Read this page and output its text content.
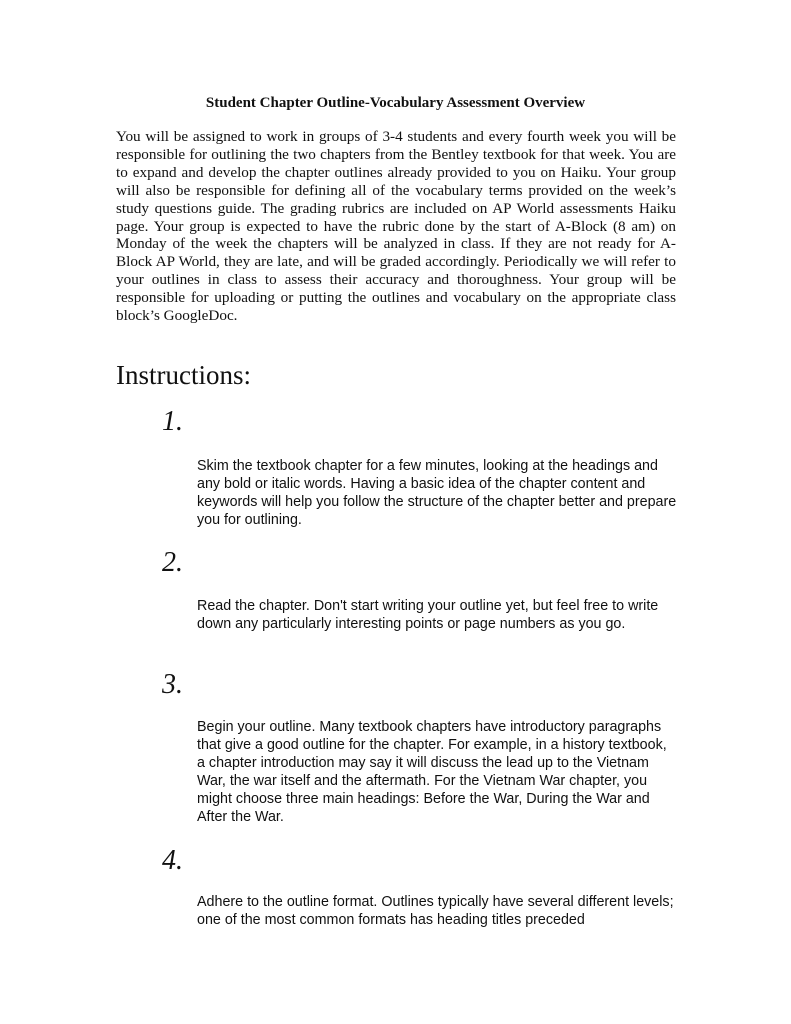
Student Chapter Outline-Vocabulary Assessment Overview

You will be assigned to work in groups of 3-4 students and every fourth week you will be responsible for outlining the two chapters from the Bentley textbook for that week. You are to expand and develop the chapter outlines already provided to you on Haiku. Your group will also be responsible for defining all of the vocabulary terms provided on the week’s study questions guide. The grading rubrics are included on AP World assessments Haiku page. Your group is expected to have the rubric done by the start of A-Block (8 am) on Monday of the week the chapters will be analyzed in class. If they are not ready for A-Block AP World, they are late, and will be graded accordingly. Periodically we will refer to your outlines in class to assess their accuracy and thoroughness. Your group will be responsible for uploading or putting the outlines and vocabulary on the appropriate class block’s GoogleDoc.

Instructions:
1.

Skim the textbook chapter for a few minutes, looking at the headings and any bold or italic words. Having a basic idea of the chapter content and keywords will help you follow the structure of the chapter better and prepare you for outlining.

2.

Read the chapter. Don't start writing your outline yet, but feel free to write down any particularly interesting points or page numbers as you go.

3.

Begin your outline. Many textbook chapters have introductory paragraphs that give a good outline for the chapter. For example, in a history textbook, a chapter introduction may say it will discuss the lead up to the Vietnam War, the war itself and the aftermath. For the Vietnam War chapter, you might choose three main headings: Before the War, During the War and After the War.

4.

Adhere to the outline format. Outlines typically have several different levels; one of the most common formats has heading titles preceded
